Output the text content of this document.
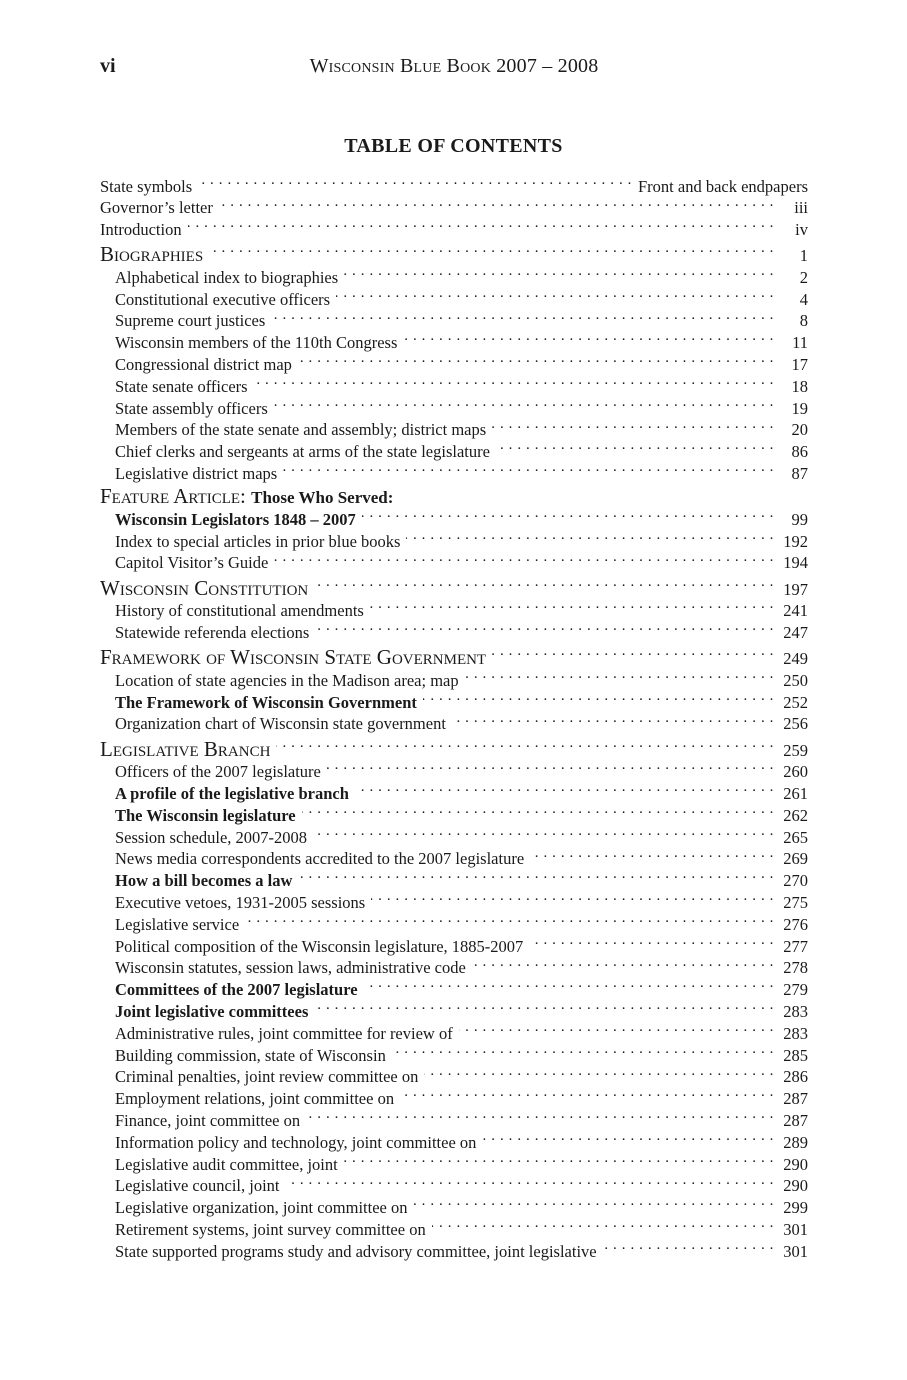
vi	Wisconsin Blue Book 2007 – 2008
TABLE OF CONTENTS
State symbols . . .	Front and back endpapers
Governor’s letter . . .	iii
Introduction . . .	iv
Biographies . . .	1
Alphabetical index to biographies . . .	2
Constitutional executive officers . . .	4
Supreme court justices . . .	8
Wisconsin members of the 110th Congress . . .	11
Congressional district map . . .	17
State senate officers . . .	18
State assembly officers . . .	19
Members of the state senate and assembly; district maps . . .	20
Chief clerks and sergeants at arms of the state legislature . . .	86
Legislative district maps . . .	87
Feature Article: Those Who Served:
Wisconsin Legislators 1848 – 2007 . . .	99
Index to special articles in prior blue books . . .	192
Capitol Visitor’s Guide . . .	194
Wisconsin Constitution . . .	197
History of constitutional amendments . . .	241
Statewide referenda elections . . .	247
Framework of Wisconsin State Government . . .	249
Location of state agencies in the Madison area; map . . .	250
The Framework of Wisconsin Government . . .	252
Organization chart of Wisconsin state government . . .	256
Legislative Branch . . .	259
Officers of the 2007 legislature . . .	260
A profile of the legislative branch . . .	261
The Wisconsin legislature . . .	262
Session schedule, 2007-2008 . . .	265
News media correspondents accredited to the 2007 legislature . . .	269
How a bill becomes a law . . .	270
Executive vetoes, 1931-2005 sessions . . .	275
Legislative service . . .	276
Political composition of the Wisconsin legislature, 1885-2007 . . .	277
Wisconsin statutes, session laws, administrative code . . .	278
Committees of the 2007 legislature . . .	279
Joint legislative committees . . .	283
Administrative rules, joint committee for review of . . .	283
Building commission, state of Wisconsin . . .	285
Criminal penalties, joint review committee on . . .	286
Employment relations, joint committee on . . .	287
Finance, joint committee on . . .	287
Information policy and technology, joint committee on . . .	289
Legislative audit committee, joint . . .	290
Legislative council, joint . . .	290
Legislative organization, joint committee on . . .	299
Retirement systems, joint survey committee on . . .	301
State supported programs study and advisory committee, joint legislative . . .	301
